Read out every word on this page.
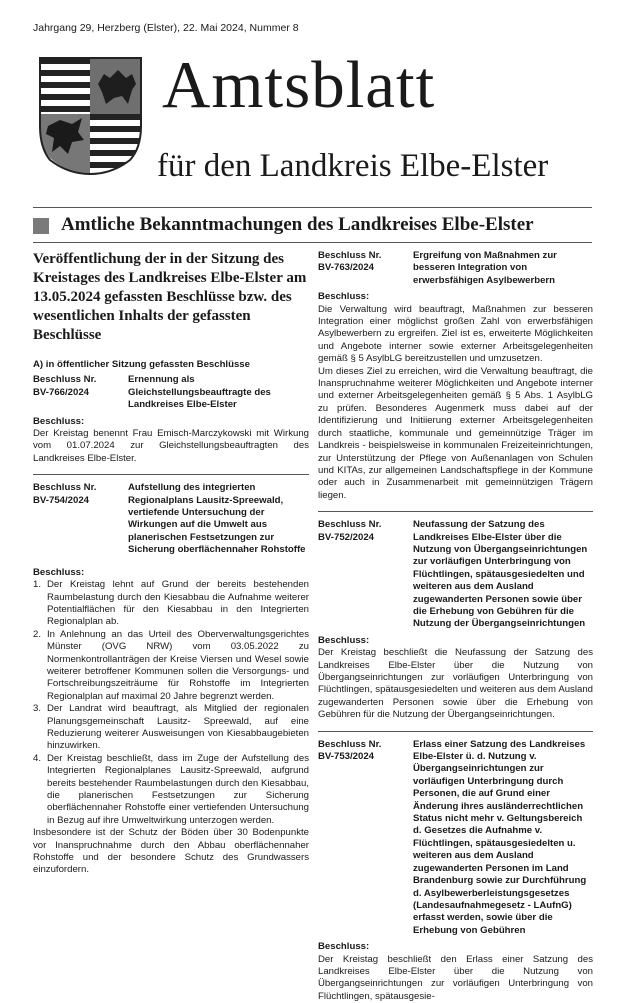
Jahrgang 29, Herzberg (Elster), 22. Mai 2024, Nummer 8
Amtsblatt
für den Landkreis Elbe-Elster
Amtliche Bekanntmachungen des Landkreises Elbe-Elster

Veröffentlichung der in der Sitzung des Kreistages des Landkreises Elbe-Elster am 13.05.2024 gefassten Beschlüsse bzw. des wesentlichen Inhalts der gefassten Beschlüsse

A) in öffentlicher Sitzung gefassten Beschlüsse

Beschluss Nr.
BV-766/2024
Ernennung als Gleichstellungsbeauftragte des Landkreises Elbe-Elster

Beschluss:

Der Kreistag benennt Frau Emisch-Marczykowski mit Wirkung vom 01.07.2024 zur Gleichstellungsbeauftragten des Landkreises Elbe-Elster.

Beschluss Nr.
BV-754/2024
Aufstellung des integrierten Regionalplans Lausitz-Spreewald, vertiefende Untersuchung der Wirkungen auf die Umwelt aus planerischen Festsetzungen zur Sicherung oberflächennaher Rohstoffe

Beschluss:

1. Der Kreistag lehnt auf Grund der bereits bestehenden Raumbelastung durch den Kiesabbau die Aufnahme weiterer Potentialflächen für den Kiesabbau in den Integrierten Regionalplan ab.
2. In Anlehnung an das Urteil des Oberverwaltungsgerichtes Münster (OVG NRW) vom 03.05.2022 zu Normenkontrollanträgen der Kreise Viersen und Wesel sowie weiterer betroffener Kommunen sollen die Versorgungs- und Fortschreibungszeiträume für Rohstoffe im Integrierten Regionalplan auf maximal 20 Jahre begrenzt werden.
3. Der Landrat wird beauftragt, als Mitglied der regionalen Planungsgemeinschaft Lausitz- Spreewald, auf eine Reduzierung weiterer Ausweisungen von Kiesabbaugebieten hinzuwirken.
4. Der Kreistag beschließt, dass im Zuge der Aufstellung des Integrierten Regionalplanes Lausitz-Spreewald, aufgrund bereits bestehender Raumbelastungen durch den Kiesabbau, die planerischen Festsetzungen zur Sicherung oberflächennaher Rohstoffe einer vertiefenden Untersuchung in Bezug auf ihre Umweltwirkung unterzogen werden.

Insbesondere ist der Schutz der Böden über 30 Bodenpunkte vor Inanspruchnahme durch den Abbau oberflächennaher Rohstoffe und der besondere Schutz des Grundwassers einzufordern.

Beschluss Nr.
BV-763/2024
Ergreifung von Maßnahmen zur besseren Integration von erwerbsfähigen Asylbewerbern

Beschluss:

Die Verwaltung wird beauftragt, Maßnahmen zur besseren Integration einer möglichst großen Zahl von erwerbsfähigen Asylbewerbern zu ergreifen. Ziel ist es, erweiterte Möglichkeiten und Angebote interner sowie externer Arbeitsgelegenheiten gemäß § 5 AsylbLG bereitzustellen und umzusetzen.

Um dieses Ziel zu erreichen, wird die Verwaltung beauftragt, die Inanspruchnahme weiterer Möglichkeiten und Angebote interner und externer Arbeitsgelegenheiten gemäß § 5 Abs. 1 AsylbLG zu prüfen. Besonderes Augenmerk muss dabei auf der Identifizierung und Initiierung externer Arbeitsgelegenheiten durch staatliche, kommunale und gemeinnützige Träger im Landkreis - beispielsweise in kommunalen Freizeiteinrichtungen, zur Unterstützung der Pflege von Außenanlagen von Schulen und KITAs, zur allgemeinen Landschaftspflege in der Kommune oder auch in Zusammenarbeit mit gemeinnützigen Trägern liegen.

Beschluss Nr.
BV-752/2024
Neufassung der Satzung des Landkreises Elbe-Elster über die Nutzung von Übergangseinrichtungen zur vorläufigen Unterbringung von Flüchtlingen, spätausgesiedelten und weiteren aus dem Ausland zugewanderten Personen sowie über die Erhebung von Gebühren für die Nutzung der Übergangseinrichtungen

Beschluss:

Der Kreistag beschließt die Neufassung der Satzung des Landkreises Elbe-Elster über die Nutzung von Übergangseinrichtungen zur vorläufigen Unterbringung von Flüchtlingen, spätausgesiedelten und weiteren aus dem Ausland zugewanderten Personen sowie über die Erhebung von Gebühren für die Nutzung der Übergangseinrichtungen.

Beschluss Nr.
BV-753/2024
Erlass einer Satzung des Landkreises Elbe-Elster ü. d. Nutzung v. Übergangseinrichtungen zur vorläufigen Unterbringung durch Personen, die auf Grund einer Änderung ihres ausländerrechtlichen Status nicht mehr v. Geltungsbereich d. Gesetzes die Aufnahme v. Flüchtlingen, spätausgesiedelten u. weiteren aus dem Ausland zugewanderten Personen im Land Brandenburg sowie zur Durchführung d. Asylbewerberleistungsgesetzes (Landesaufnahmegesetz - LAufnG) erfasst werden, sowie über die Erhebung von Gebühren

Beschluss:

Der Kreistag beschließt den Erlass einer Satzung des Landkreises Elbe-Elster über die Nutzung von Übergangseinrichtungen zur vorläufigen Unterbringung von Flüchtlingen, spätausgesie-
